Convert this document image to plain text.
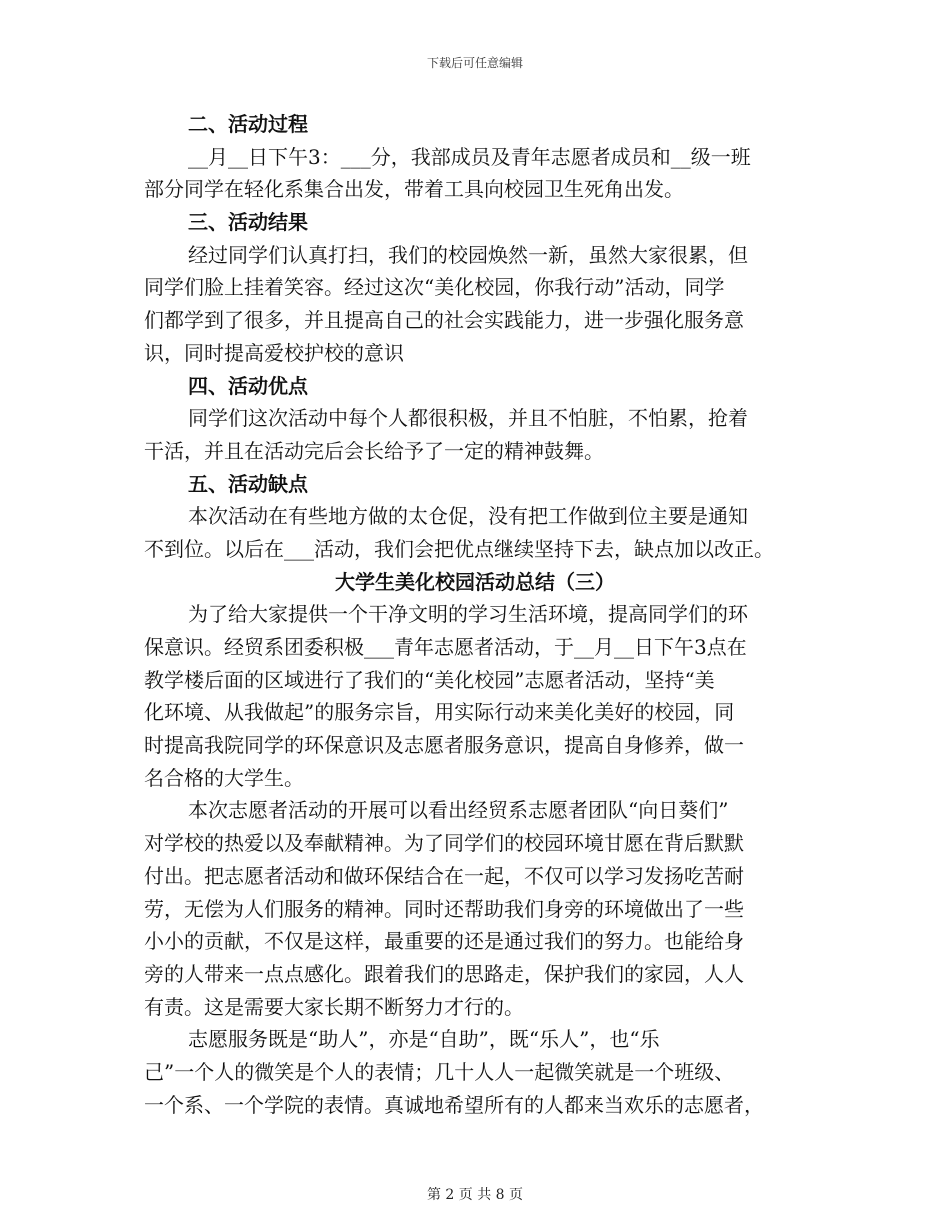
下载后可任意编辑
二、活动过程
__月__日下午3：___分，我部成员及青年志愿者成员和__级一班
部分同学在轻化系集合出发，带着工具向校园卫生死角出发。
三、活动结果
经过同学们认真打扫，我们的校园焕然一新，虽然大家很累，但
同学们脸上挂着笑容。经过这次“美化校园，你我行动”活动，同学
们都学到了很多，并且提高自己的社会实践能力，进一步强化服务意
识，同时提高爱校护校的意识
四、活动优点
同学们这次活动中每个人都很积极，并且不怕脏，不怕累，抢着
干活，并且在活动完后会长给予了一定的精神鼓舞。
五、活动缺点
本次活动在有些地方做的太仓促，没有把工作做到位主要是通知
不到位。以后在___活动，我们会把优点继续坚持下去，缺点加以改正。
大学生美化校园活动总结（三）
为了给大家提供一个干净文明的学习生活环境，提高同学们的环
保意识。经贸系团委积极___青年志愿者活动，于__月__日下午3点在
教学楼后面的区域进行了我们的“美化校园”志愿者活动，坚持“美
化环境、从我做起”的服务宗旨，用实际行动来美化美好的校园，同
时提高我院同学的环保意识及志愿者服务意识，提高自身修养，做一
名合格的大学生。
本次志愿者活动的开展可以看出经贸系志愿者团队“向日葵们”
对学校的热爱以及奉献精神。为了同学们的校园环境甘愿在背后默默
付出。把志愿者活动和做环保结合在一起，不仅可以学习发扬吃苦耐
劳，无偿为人们服务的精神。同时还帮助我们身旁的环境做出了一些
小小的贡献，不仅是这样，最重要的还是通过我们的努力。也能给身
旁的人带来一点点感化。跟着我们的思路走，保护我们的家园，人人
有责。这是需要大家长期不断努力才行的。
志愿服务既是“助人”，亦是“自助”，既“乐人”，也“乐
己”一个人的微笑是个人的表情；几十人人一起微笑就是一个班级、
一个系、一个学院的表情。真诚地希望所有的人都来当欢乐的志愿者，
第 2 页 共 8 页
